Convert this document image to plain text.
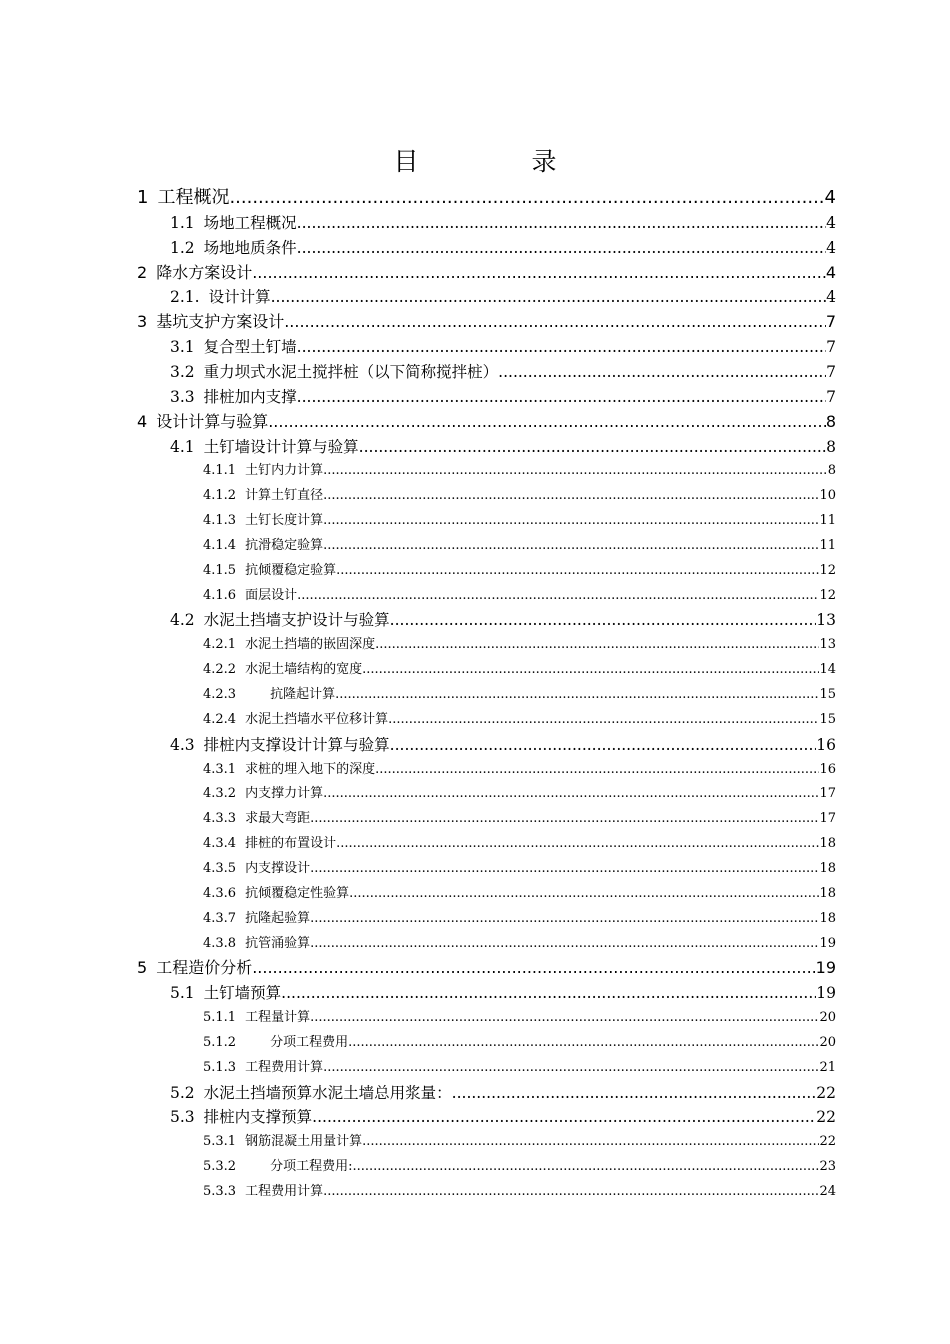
目　录
1 工程概况 .....	4
1.1 场地工程概况 .....	4
1.2 场地地质条件 .....	4
2 降水方案设计 .....	4
2.1. 设计计算 .....	4
3 基坑支护方案设计 .....	7
3.1 复合型土钉墙 .....	7
3.2 重力坝式水泥土搅拌桩（以下简称搅拌桩） .....	7
3.3 排桩加内支撑 .....	7
4 设计计算与验算 .....	8
4.1 土钉墙设计计算与验算 .....	8
4.1.1 土钉内力计算 .....	8
4.1.2 计算土钉直径 .....	10
4.1.3 土钉长度计算 .....	11
4.1.4 抗滑稳定验算 .....	11
4.1.5 抗倾覆稳定验算 .....	12
4.1.6 面层设计 .....	12
4.2 水泥土挡墙支护设计与验算 .....	13
4.2.1 水泥土挡墙的嵌固深度 .....	13
4.2.2 水泥土墙结构的宽度 .....	14
4.2.3	抗隆起计算 .....	15
4.2.4 水泥土挡墙水平位移计算 .....	15
4.3 排桩内支撑设计计算与验算 .....	16
4.3.1 求桩的埋入地下的深度 .....	16
4.3.2 内支撑力计算 .....	17
4.3.3 求最大弯距 .....	17
4.3.4 排桩的布置设计 .....	18
4.3.5 内支撑设计 .....	18
4.3.6 抗倾覆稳定性验算 .....	18
4.3.7 抗隆起验算 .....	18
4.3.8 抗管涌验算 .....	19
5 工程造价分析 .....	19
5.1 土钉墙预算 .....	19
5.1.1 工程量计算 .....	20
5.1.2	分项工程费用 .....	20
5.1.3 工程费用计算 .....	21
5.2 水泥土挡墙预算水泥土墙总用浆量： .....	22
5.3 排桩内支撑预算 .....	22
5.3.1 钢筋混凝土用量计算 .....	22
5.3.2	分项工程费用: .....	23
5.3.3 工程费用计算 .....	24
